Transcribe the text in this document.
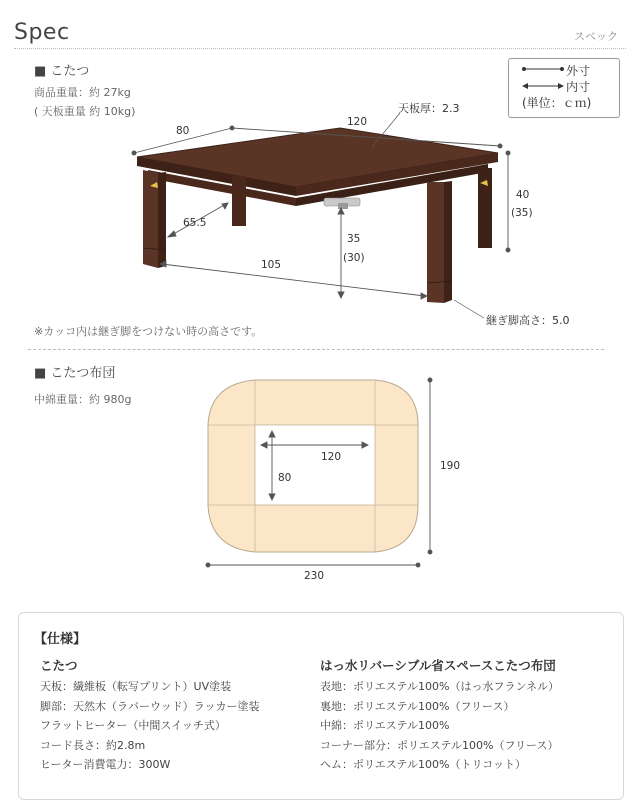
Spec	スペック
■ こたつ
商品重量：約 27kg
( 天板重量 約 10kg)
外寸
内寸
(単位：ｃｍ)
80
120
天板厚：2.3
40
(35)
65.5
35
(30)
105
継ぎ脚高さ：5.0
※カッコ内は継ぎ脚をつけない時の高さです。
■ こたつ布団
中綿重量：約 980g
120
80
190
230
【仕様】
こたつ
天板：繊維板（転写プリント）UV塗装
脚部：天然木（ラバーウッド）ラッカー塗装
フラットヒーター（中間スイッチ式）
コード長さ：約2.8m
ヒーター消費電力：300W
はっ水リバーシブル省スペースこたつ布団
表地：ポリエステル100%（はっ水フランネル）
裏地：ポリエステル100%（フリース）
中綿：ポリエステル100%
コーナー部分：ポリエステル100%（フリース）
ヘム：ポリエステル100%（トリコット）
